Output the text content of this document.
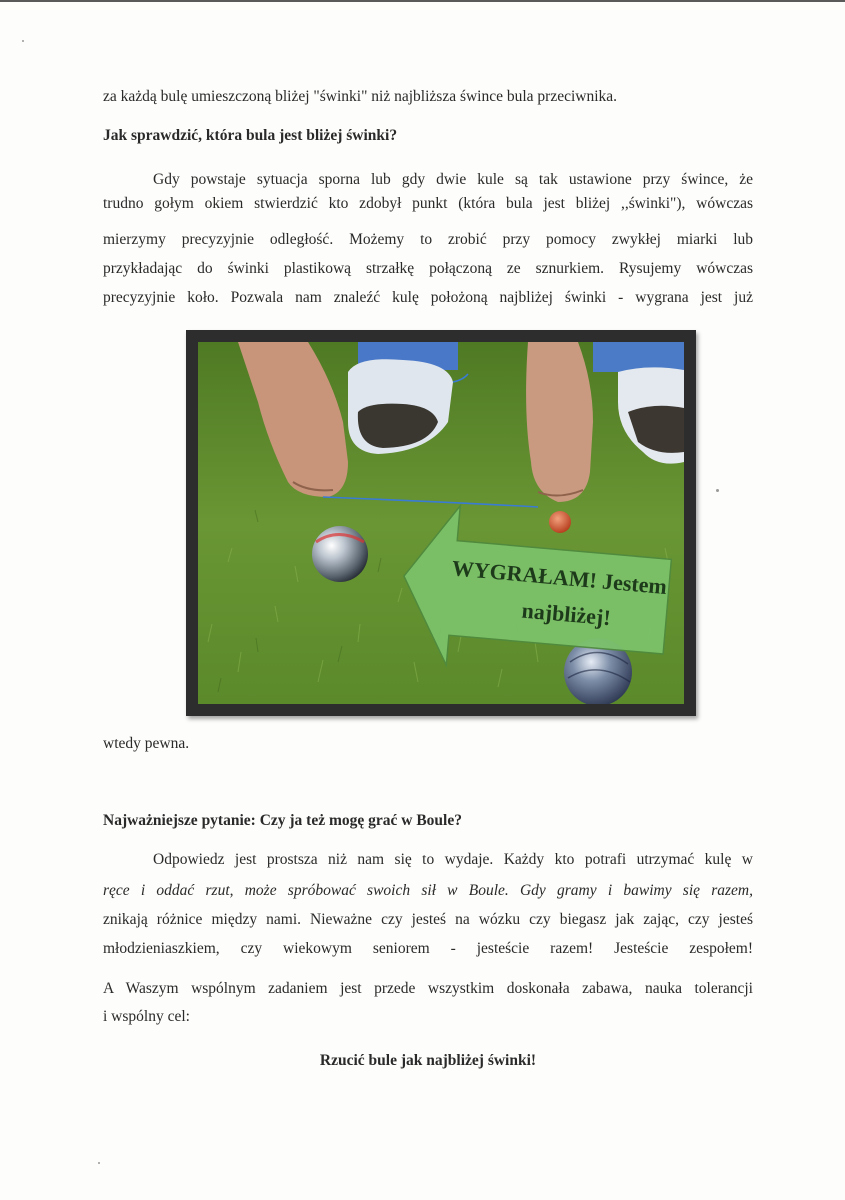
za każdą bulę umieszczoną bliżej "świnki" niż najbliższa śwince bula przeciwnika.
Jak sprawdzić, która bula jest bliżej świnki?
Gdy powstaje sytuacja sporna lub gdy dwie kule są tak ustawione przy śwince, że
trudno gołym okiem stwierdzić kto zdobył punkt (która bula jest bliżej ,,świnki"), wówczas
mierzymy precyzyjnie odległość. Możemy to zrobić przy pomocy zwykłej miarki lub
przykładając do świnki plastikową strzałkę połączoną ze sznurkiem. Rysujemy wówczas
precyzyjnie koło. Pozwala nam znaleźć kulę położoną najbliżej świnki - wygrana jest już
WYGRAŁAM! Jestem
najbliżej!
wtedy pewna.
Najważniejsze pytanie: Czy ja też mogę grać w Boule?
Odpowiedz jest prostsza niż nam się to wydaje. Każdy kto potrafi utrzymać kulę w
ręce i oddać rzut, może spróbować swoich sił w Boule. Gdy gramy i bawimy się razem,
znikają różnice między nami. Nieważne czy jesteś na wózku czy biegasz jak zając, czy jesteś
młodzieniaszkiem, czy wiekowym seniorem - jesteście razem! Jesteście zespołem!
A Waszym wspólnym zadaniem jest przede wszystkim doskonała zabawa, nauka tolerancji
i wspólny cel:
Rzucić bule jak najbliżej świnki!
